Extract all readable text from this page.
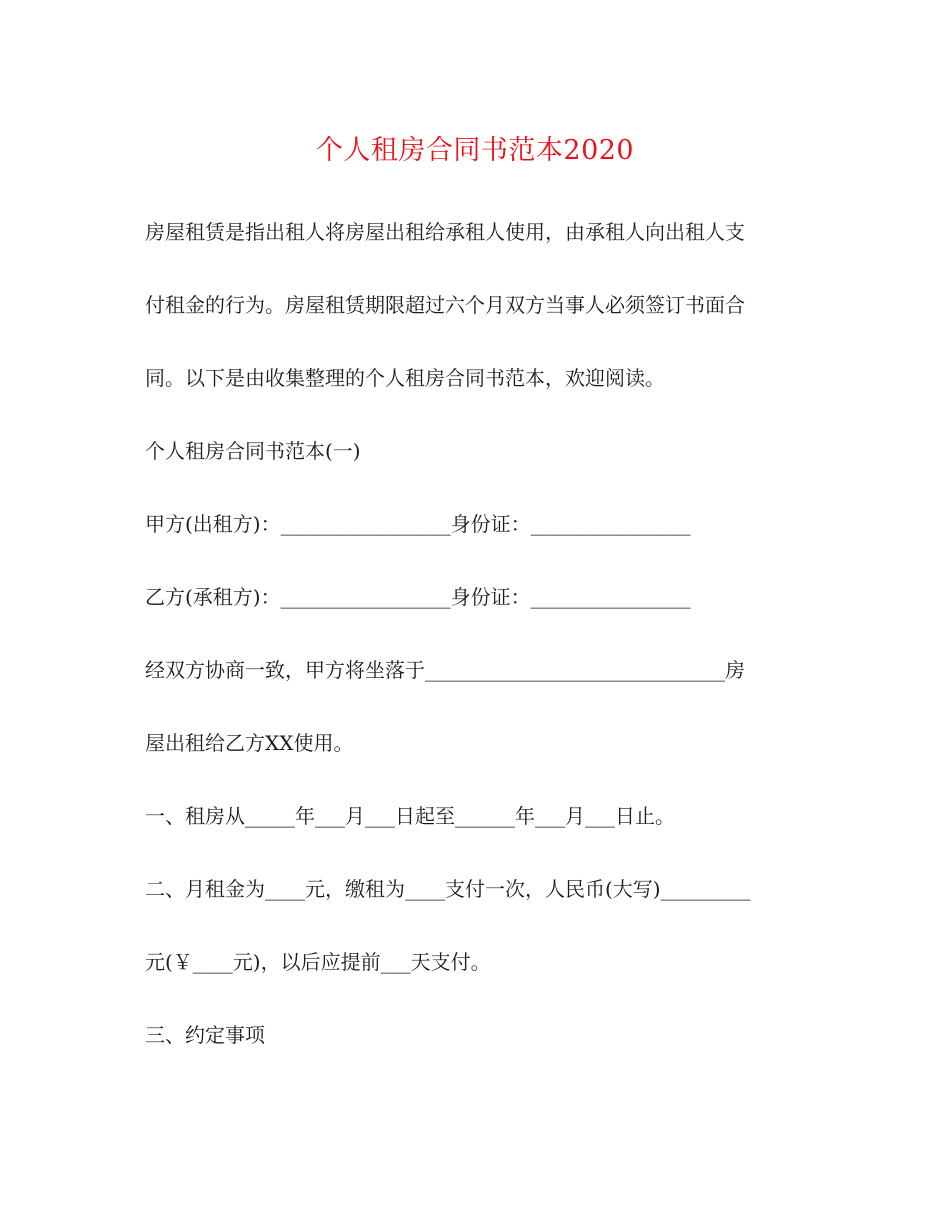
个人租房合同书范本2020
房屋租赁是指出租人将房屋出租给承租人使用，由承租人向出租人支
付租金的行为。房屋租赁期限超过六个月双方当事人必须签订书面合
同。以下是由收集整理的个人租房合同书范本，欢迎阅读。
个人租房合同书范本(一)
甲方(出租方)：_________________身份证：________________
乙方(承租方)：_________________身份证：________________
经双方协商一致，甲方将坐落于______________________________房
屋出租给乙方XX使用。
一、租房从_____年___月___日起至______年___月___日止。
二、月租金为____元，缴租为____支付一次，人民币(大写)_________
元(￥____元)，以后应提前___天支付。
三、约定事项
